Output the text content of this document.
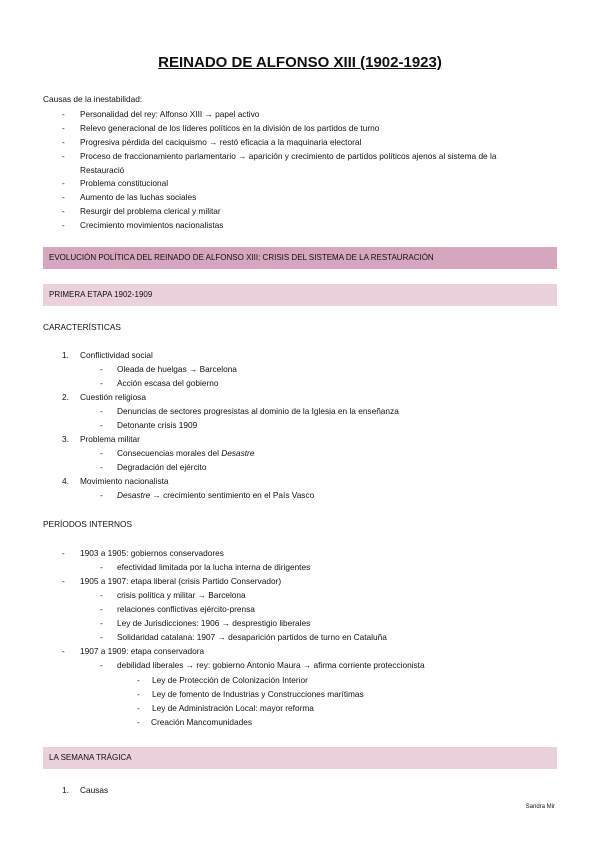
REINADO DE ALFONSO XIII (1902-1923)
Causas de la inestabilidad:
- Personalidad del rey: Alfonso XIII → papel activo
- Relevo generacional de los líderes políticos en la división de los partidos de turno
- Progresiva pérdida del caciquismo → restó eficacia a la maquinaria electoral
- Proceso de fraccionamiento parlamentario → aparición y crecimiento de partidos políticos ajenos al sistema de la
Restauració
- Problema constitucional
- Aumento de las luchas sociales
- Resurgir del problema clerical y militar
- Crecimiento movimientos nacionalistas
EVOLUCIÓN POLÍTICA DEL REINADO DE ALFONSO XIII: CRISIS DEL SISTEMA DE LA RESTAURACIÓN
PRIMERA ETAPA 1902-1909
CARACTERÍSTICAS
1. Conflictividad social
- Oleada de huelgas → Barcelona
- Acción escasa del gobierno
2. Cuestión religiosa
- Denuncias de sectores progresistas al dominio de la Iglesia en la enseñanza
- Detonante crisis 1909
3. Problema militar
- Consecuencias morales del Desastre
- Degradación del ejército
4. Movimiento nacionalista
- Desastre → crecimiento sentimiento en el País Vasco
PERÍODOS INTERNOS
- 1903 a 1905: gobiernos conservadores
- efectividad limitada por la lucha interna de dirigentes
- 1905 a 1907: etapa liberal (crisis Partido Conservador)
- crisis política y militar → Barcelona
- relaciones conflictivas ejército-prensa
- Ley de Jurisdicciones: 1906 → desprestigio liberales
- Solidaridad catalana: 1907 → desaparición partidos de turno en Cataluña
- 1907 a 1909: etapa conservadora
- debilidad liberales → rey: gobierno Antonio Maura → afirma corriente proteccionista
- Ley de Protección de Colonización Interior
- Ley de fomento de Industrias y Construcciones marítimas
- Ley de Administración Local: mayor reforma
- Creación Mancomunidades
LA SEMANA TRÁGICA
1. Causas
Sandra Mir
